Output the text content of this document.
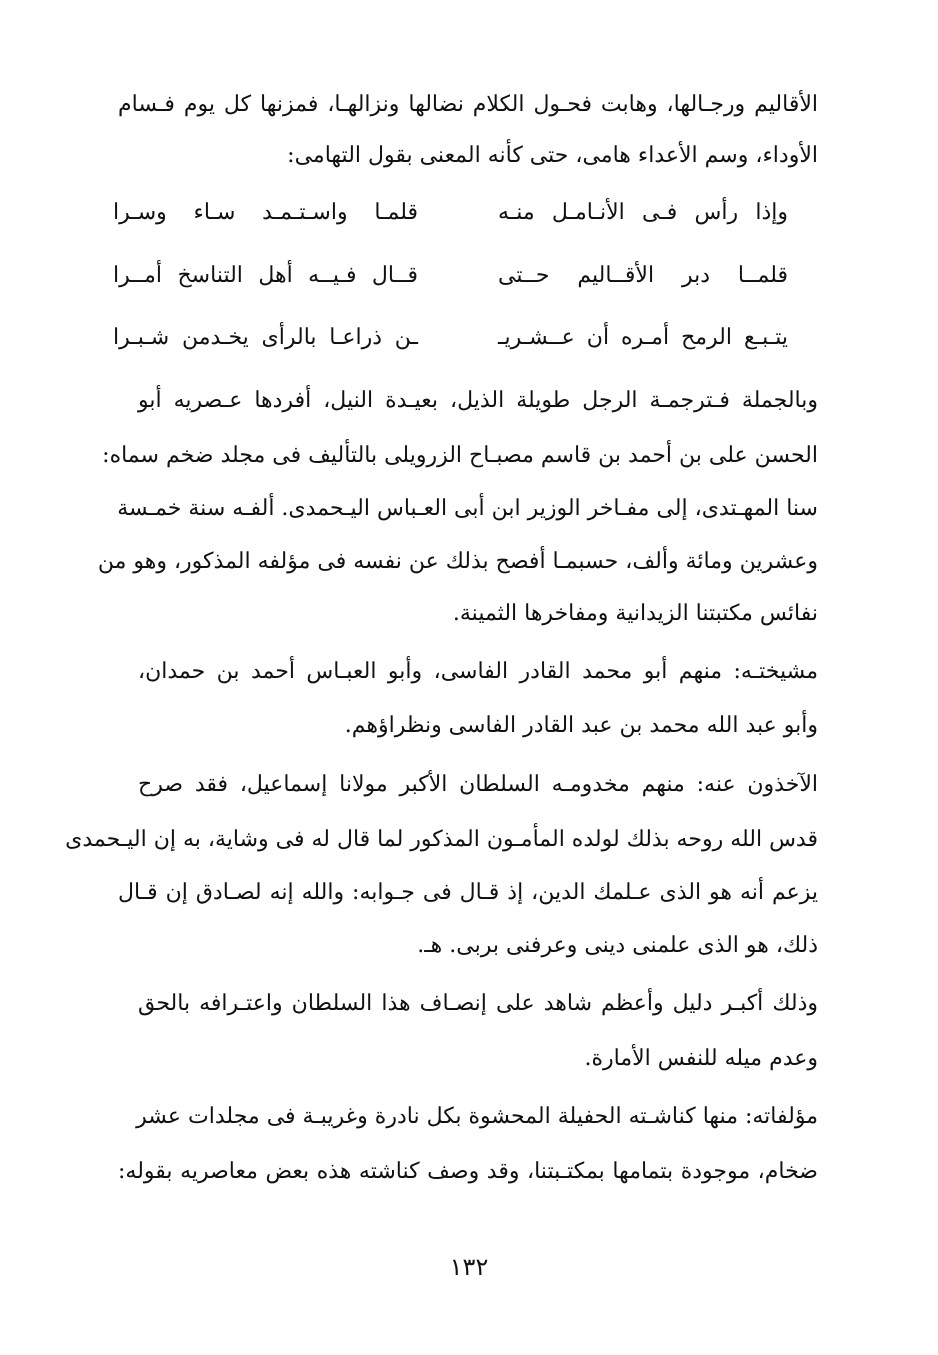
الأقاليم ورجـالها، وهابت فحـول الكلام نضالها ونزالهـا، فمزنها كل يوم فـسام
الأوداء، وسم الأعداء هامى، حتى كأنه المعنى بقول التهامى:
وإذا رأس فـى الأنـامـل منـه
قلمـا واسـتـمـد سـاء وسـرا
قلمــا دبر الأقــاليم حــتى
قــال فـيــه أهل التناسخ أمــرا
يتـبـع الرمح أمـره أن عــشـريـ
ـن ذراعـا بالرأى يخـدمن شـبـرا
وبالجملة فـترجمـة الرجل طويلة الذيل، بعيـدة النيل، أفردها عـصريه أبو
الحسن على بن أحمد بن قاسم مصبـاح الزرويلى بالتأليف فى مجلد ضخم سماه:
سنا المهـتدى، إلى مفـاخر الوزير ابن أبى العـباس اليـحمدى. ألفـه سنة خمـسة
وعشرين ومائة وألف، حسبمـا أفصح بذلك عن نفسه فى مؤلفه المذكور، وهو من
نفائس مكتبتنا الزيدانية ومفاخرها الثمينة.
مشيختـه: منهم أبو محمد القادر الفاسى، وأبو العبـاس أحمد بن حمدان،
وأبو عبد الله محمد بن عبد القادر الفاسى ونظراؤهم.
الآخذون عنه: منهم مخدومـه السلطان الأكبر مولانا إسماعيل، فقد صرح
قدس الله روحه بذلك لولده المأمـون المذكور لما قال له فى وشاية، به إن اليـحمدى
يزعم أنه هو الذى عـلمك الدين، إذ قـال فى جـوابه: والله إنه لصـادق إن قـال
ذلك، هو الذى علمنى دينى وعرفنى بربى. هـ.
وذلك أكبـر دليل وأعظم شاهد على إنصـاف هذا السلطان واعتـرافه بالحق
وعدم ميله للنفس الأمارة.
مؤلفاته: منها كناشـته الحفيلة المحشوة بكل نادرة وغريبـة فى مجلدات عشر
ضخام، موجودة بتمامها بمكتـبتنا، وقد وصف كناشته هذه بعض معاصريه بقوله:
١٣٢
